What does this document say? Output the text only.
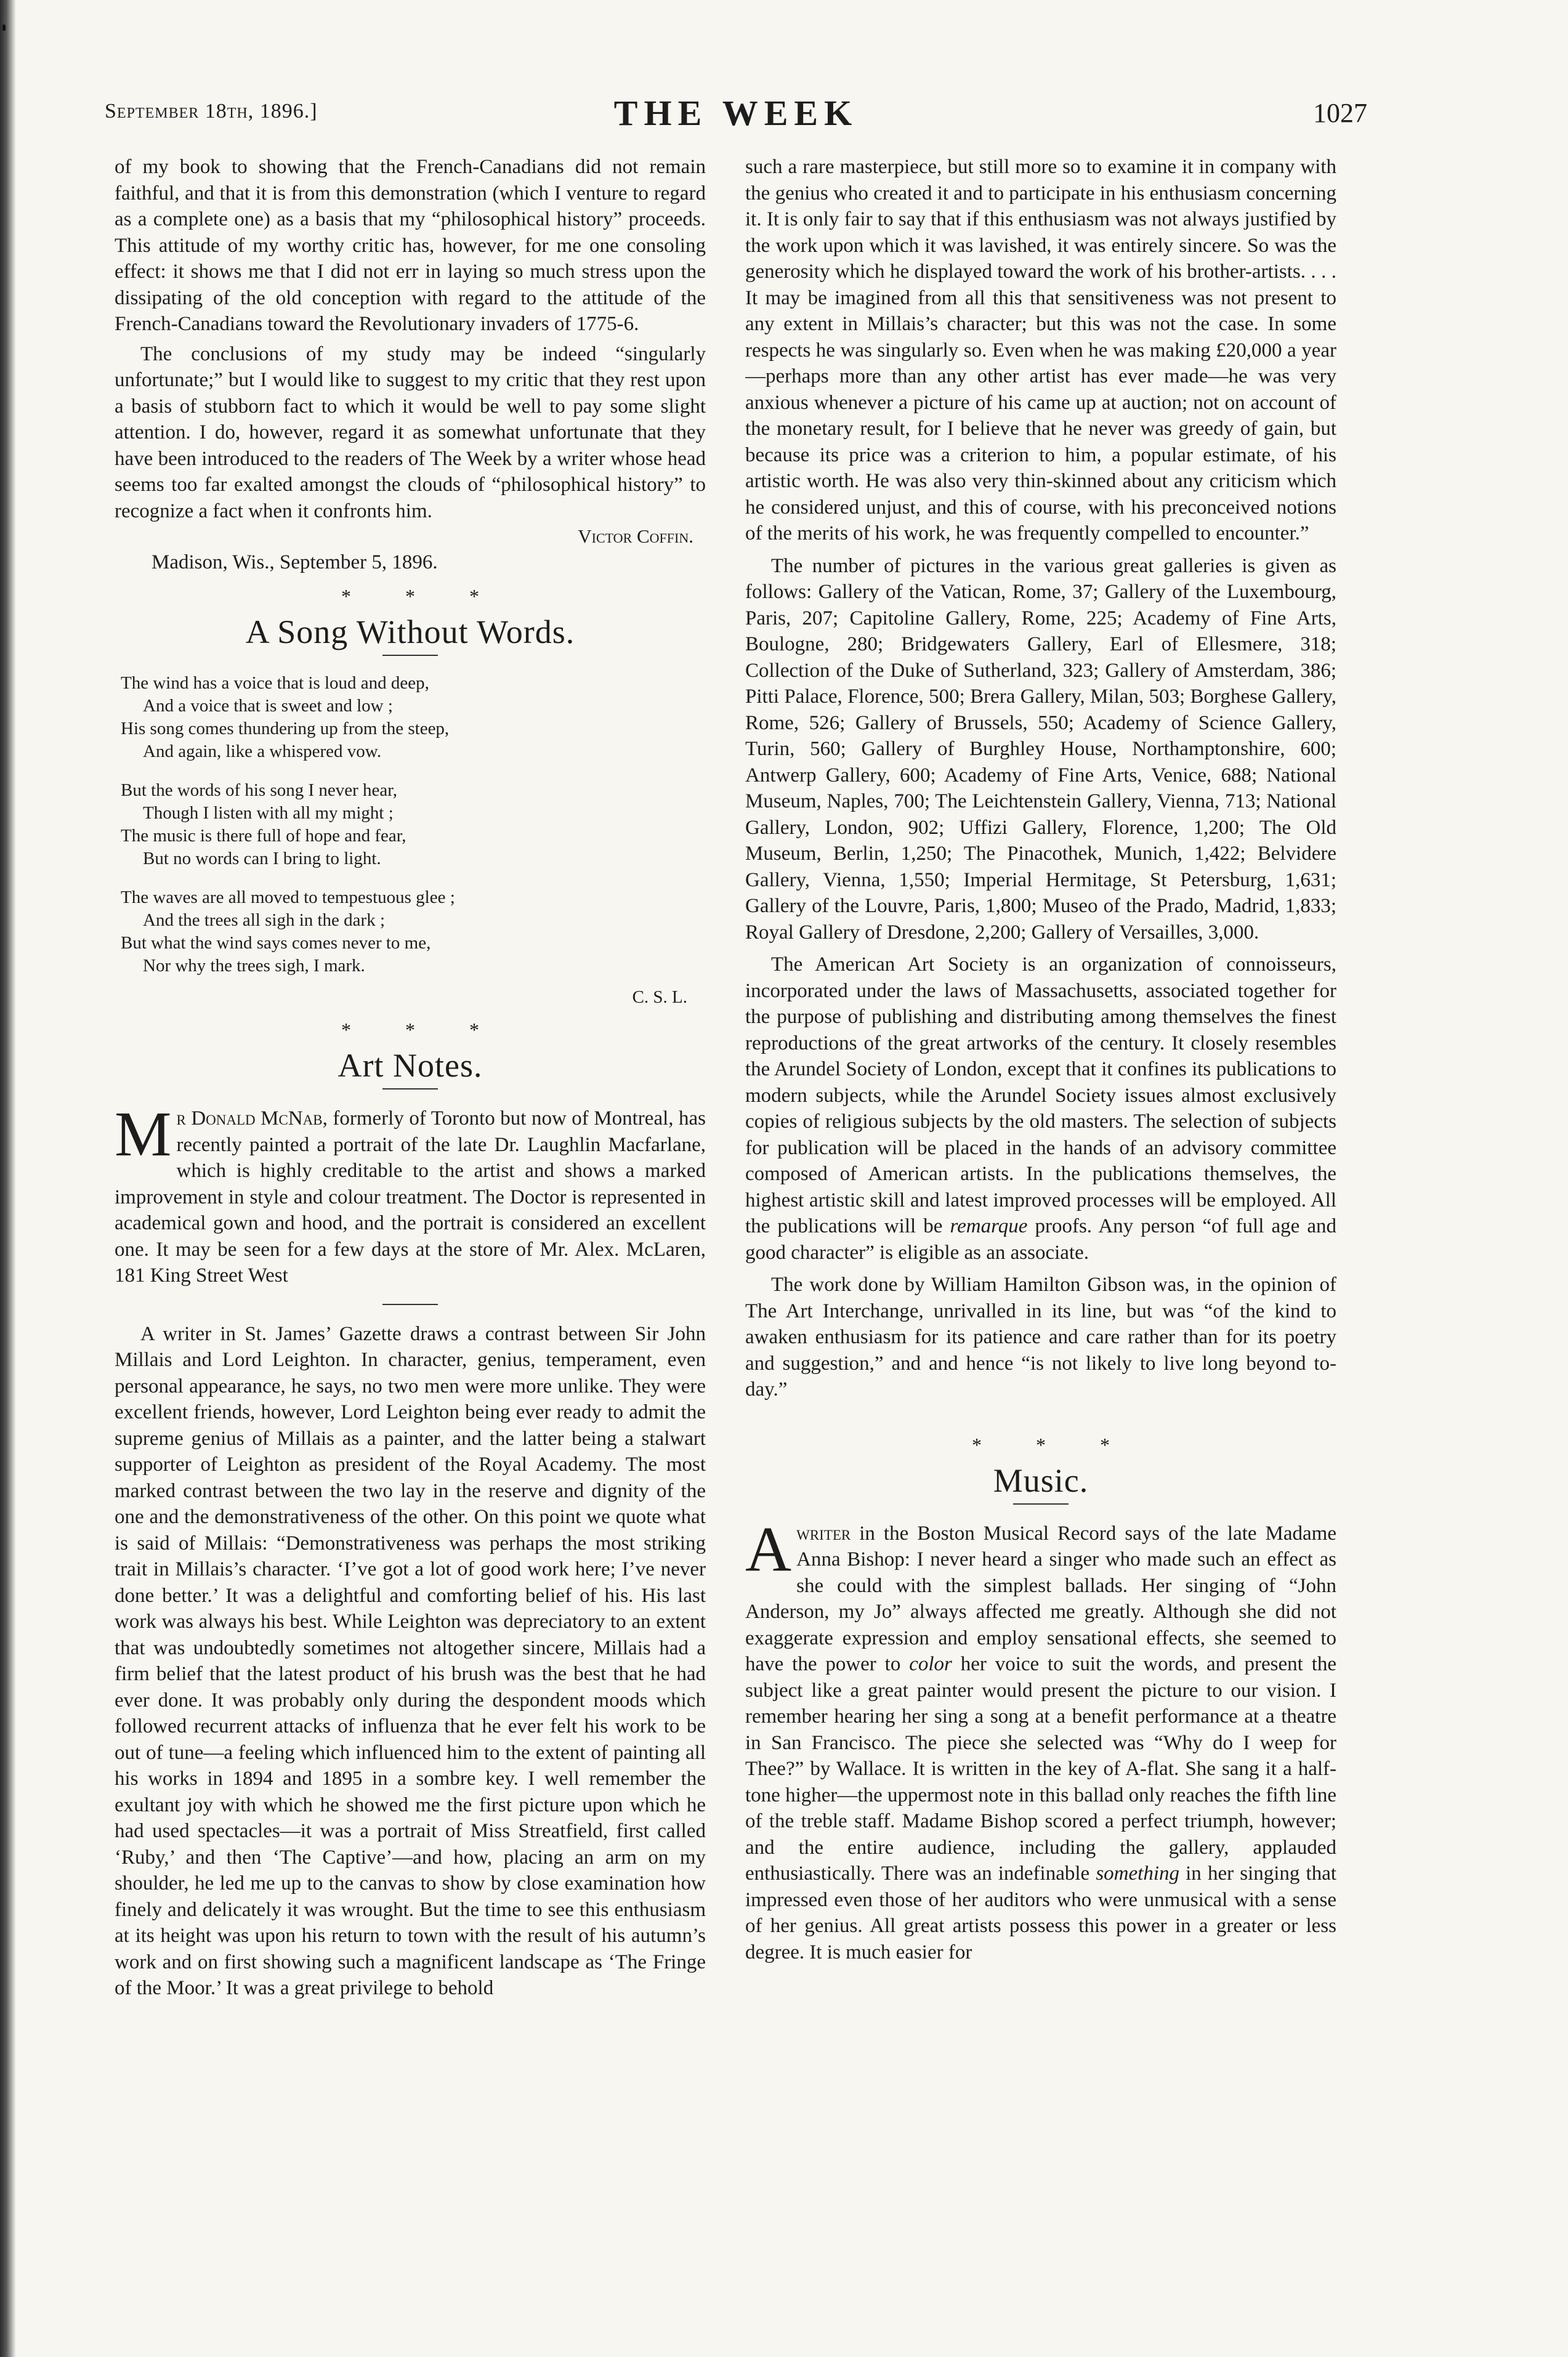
September 18th, 1896.]	THE WEEK	1027

of my book to showing that the French-Canadians did not remain faithful, and that it is from this demonstration (which I venture to regard as a complete one) as a basis that my “philosophical history” proceeds. This attitude of my worthy critic has, however, for me one consoling effect: it shows me that I did not err in laying so much stress upon the dissipating of the old conception with regard to the attitude of the French-Canadians toward the Revolutionary invaders of 1775-6.

The conclusions of my study may be indeed “singularly unfortunate;” but I would like to suggest to my critic that they rest upon a basis of stubborn fact to which it would be well to pay some slight attention. I do, however, regard it as somewhat unfortunate that they have been introduced to the readers of The Week by a writer whose head seems too far exalted amongst the clouds of “philosophical history” to recognize a fact when it confronts him.

Victor Coffin.
Madison, Wis., September 5, 1896.
* * *
A Song Without Words.
The wind has a voice that is loud and deep,
And a voice that is sweet and low ;
His song comes thundering up from the steep,
And again, like a whispered vow.
But the words of his song I never hear,
Though I listen with all my might ;
The music is there full of hope and fear,
But no words can I bring to light.
The waves are all moved to tempestuous glee ;
And the trees all sigh in the dark ;
But what the wind says comes never to me,
Nor why the trees sigh, I mark.
C. S. L.
* * *
Art Notes.

Mr Donald McNab, formerly of Toronto but now of Montreal, has recently painted a portrait of the late Dr. Laughlin Macfarlane, which is highly creditable to the artist and shows a marked improvement in style and colour treatment. The Doctor is represented in academical gown and hood, and the portrait is considered an excellent one. It may be seen for a few days at the store of Mr. Alex. McLaren, 181 King Street West

A writer in St. James’ Gazette draws a contrast between Sir John Millais and Lord Leighton. In character, genius, temperament, even personal appearance, he says, no two men were more unlike. They were excellent friends, however, Lord Leighton being ever ready to admit the supreme genius of Millais as a painter, and the latter being a stalwart supporter of Leighton as president of the Royal Academy. The most marked contrast between the two lay in the reserve and dignity of the one and the demonstrativeness of the other. On this point we quote what is said of Millais: “Demonstrativeness was perhaps the most striking trait in Millais’s character. ‘I’ve got a lot of good work here; I’ve never done better.’ It was a delightful and comforting belief of his. His last work was always his best. While Leighton was depreciatory to an extent that was undoubtedly sometimes not altogether sincere, Millais had a firm belief that the latest product of his brush was the best that he had ever done. It was probably only during the despondent moods which followed recurrent attacks of influenza that he ever felt his work to be out of tune—a feeling which influenced him to the extent of painting all his works in 1894 and 1895 in a sombre key. I well remember the exultant joy with which he showed me the first picture upon which he had used spectacles—it was a portrait of Miss Streatfield, first called ‘Ruby,’ and then ‘The Captive’—and how, placing an arm on my shoulder, he led me up to the canvas to show by close examination how finely and delicately it was wrought. But the time to see this enthusiasm at its height was upon his return to town with the result of his autumn’s work and on first showing such a magnificent landscape as ‘The Fringe of the Moor.’ It was a great privilege to behold

such a rare masterpiece, but still more so to examine it in company with the genius who created it and to participate in his enthusiasm concerning it. It is only fair to say that if this enthusiasm was not always justified by the work upon which it was lavished, it was entirely sincere. So was the generosity which he displayed toward the work of his brother-artists. . . . It may be imagined from all this that sensitiveness was not present to any extent in Millais’s character; but this was not the case. In some respects he was singularly so. Even when he was making £20,000 a year—perhaps more than any other artist has ever made—he was very anxious whenever a picture of his came up at auction; not on account of the monetary result, for I believe that he never was greedy of gain, but because its price was a criterion to him, a popular estimate, of his artistic worth. He was also very thin-skinned about any criticism which he considered unjust, and this of course, with his preconceived notions of the merits of his work, he was frequently compelled to encounter.”

The number of pictures in the various great galleries is given as follows: Gallery of the Vatican, Rome, 37; Gallery of the Luxembourg, Paris, 207; Capitoline Gallery, Rome, 225; Academy of Fine Arts, Boulogne, 280; Bridgewaters Gallery, Earl of Ellesmere, 318; Collection of the Duke of Sutherland, 323; Gallery of Amsterdam, 386; Pitti Palace, Florence, 500; Brera Gallery, Milan, 503; Borghese Gallery, Rome, 526; Gallery of Brussels, 550; Academy of Science Gallery, Turin, 560; Gallery of Burghley House, Northamptonshire, 600; Antwerp Gallery, 600; Academy of Fine Arts, Venice, 688; National Museum, Naples, 700; The Leichtenstein Gallery, Vienna, 713; National Gallery, London, 902; Uffizi Gallery, Florence, 1,200; The Old Museum, Berlin, 1,250; The Pinacothek, Munich, 1,422; Belvidere Gallery, Vienna, 1,550; Imperial Hermitage, St Petersburg, 1,631; Gallery of the Louvre, Paris, 1,800; Museo of the Prado, Madrid, 1,833; Royal Gallery of Dresdone, 2,200; Gallery of Versailles, 3,000.

The American Art Society is an organization of connoisseurs, incorporated under the laws of Massachusetts, associated together for the purpose of publishing and distributing among themselves the finest reproductions of the great artworks of the century. It closely resembles the Arundel Society of London, except that it confines its publications to modern subjects, while the Arundel Society issues almost exclusively copies of religious subjects by the old masters. The selection of subjects for publication will be placed in the hands of an advisory committee composed of American artists. In the publications themselves, the highest artistic skill and latest improved processes will be employed. All the publications will be remarque proofs. Any person “of full age and good character” is eligible as an associate.

The work done by William Hamilton Gibson was, in the opinion of The Art Interchange, unrivalled in its line, but was “of the kind to awaken enthusiasm for its patience and care rather than for its poetry and suggestion,” and and hence “is not likely to live long beyond to-day.”

* * *
Music.

Awriter in the Boston Musical Record says of the late Madame Anna Bishop: I never heard a singer who made such an effect as she could with the simplest ballads. Her singing of “John Anderson, my Jo” always affected me greatly. Although she did not exaggerate expression and employ sensational effects, she seemed to have the power to color her voice to suit the words, and present the subject like a great painter would present the picture to our vision. I remember hearing her sing a song at a benefit performance at a theatre in San Francisco. The piece she selected was “Why do I weep for Thee?” by Wallace. It is written in the key of A-flat. She sang it a half-tone higher—the uppermost note in this ballad only reaches the fifth line of the treble staff. Madame Bishop scored a perfect triumph, however; and the entire audience, including the gallery, applauded enthusiastically. There was an indefinable something in her singing that impressed even those of her auditors who were unmusical with a sense of her genius. All great artists possess this power in a greater or less degree. It is much easier for
